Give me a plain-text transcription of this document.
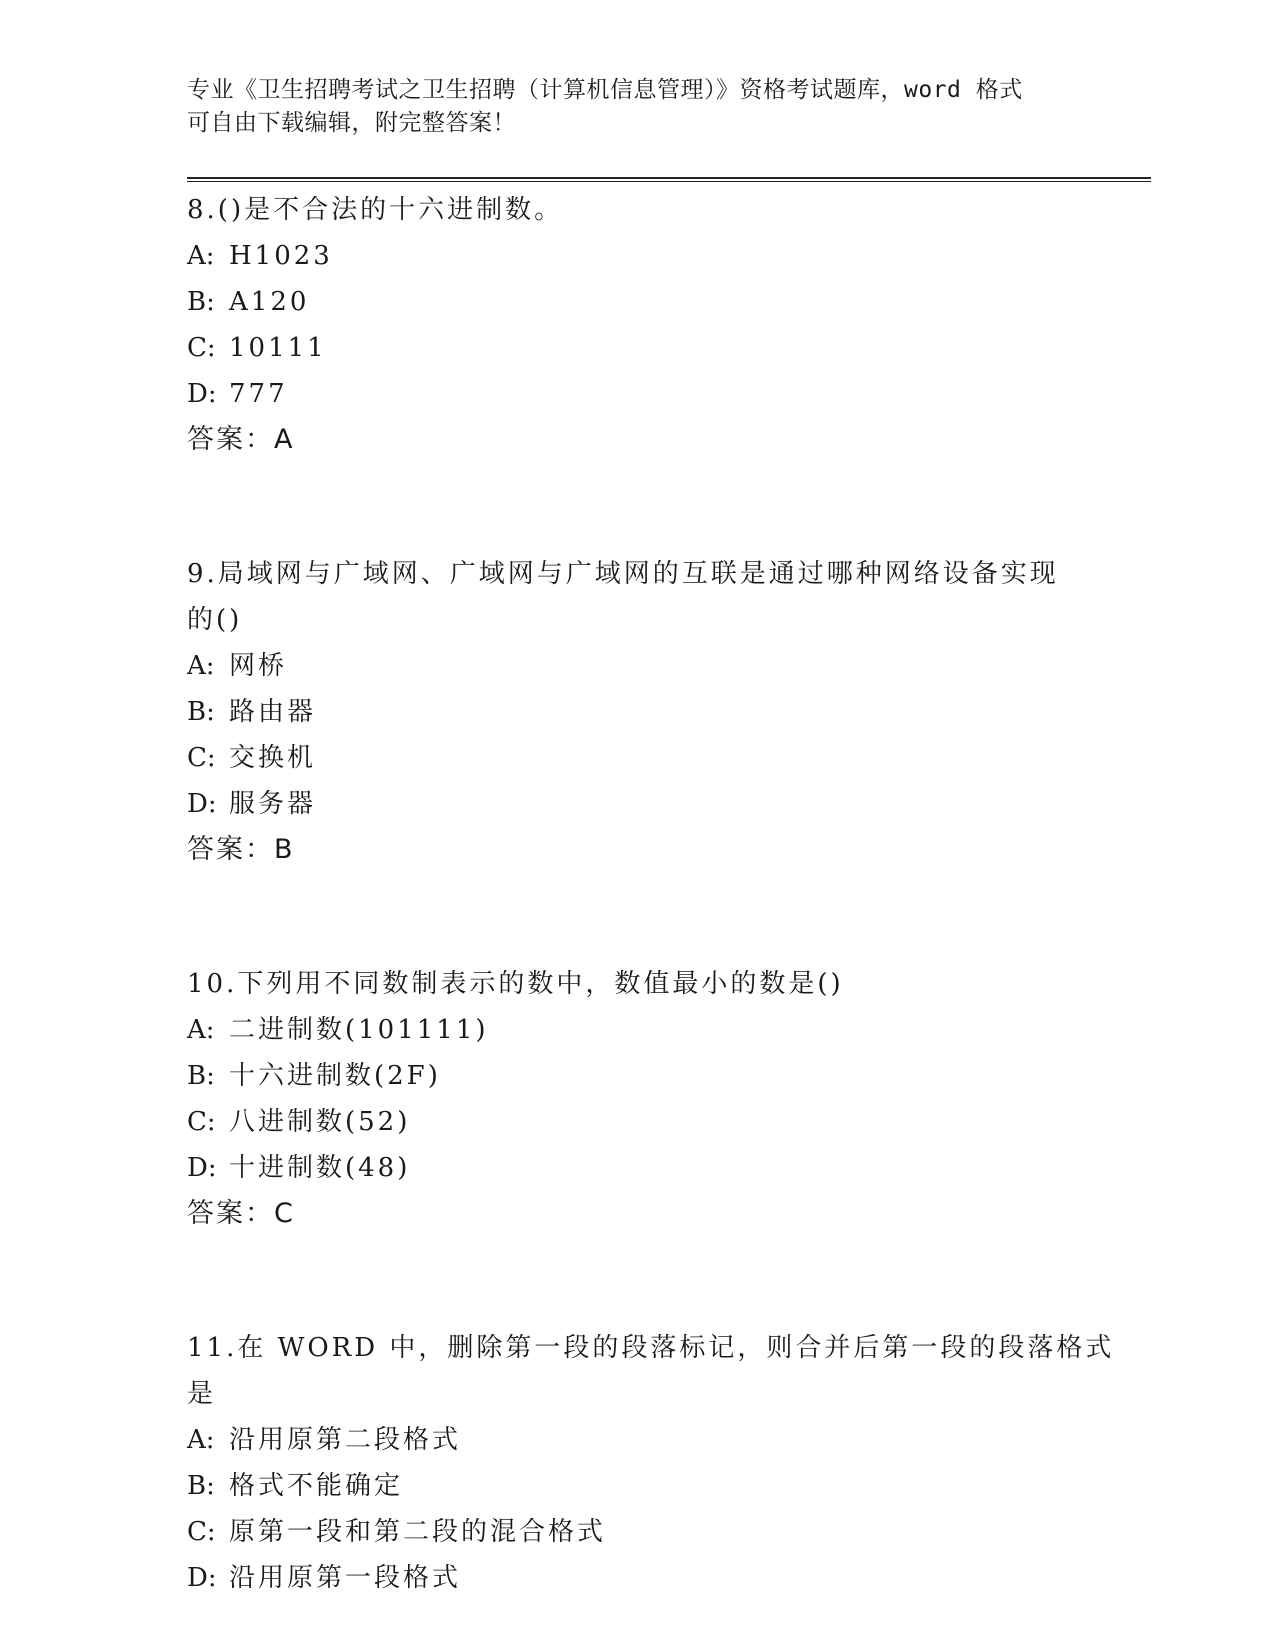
专业《卫生招聘考试之卫生招聘（计算机信息管理）》资格考试题库，word 格式
可自由下载编辑，附完整答案！
8.()是不合法的十六进制数。
A: H1023
B: A120
C: 10111
D: 777
答案：A
9.局域网与广域网、广域网与广域网的互联是通过哪种网络设备实现
的()
A: 网桥
B: 路由器
C: 交换机
D: 服务器
答案：B
10.下列用不同数制表示的数中，数值最小的数是()
A: 二进制数(101111)
B: 十六进制数(2F)
C: 八进制数(52)
D: 十进制数(48)
答案：C
11.在 WORD 中，删除第一段的段落标记，则合并后第一段的段落格式
是
A: 沿用原第二段格式
B: 格式不能确定
C: 原第一段和第二段的混合格式
D: 沿用原第一段格式
